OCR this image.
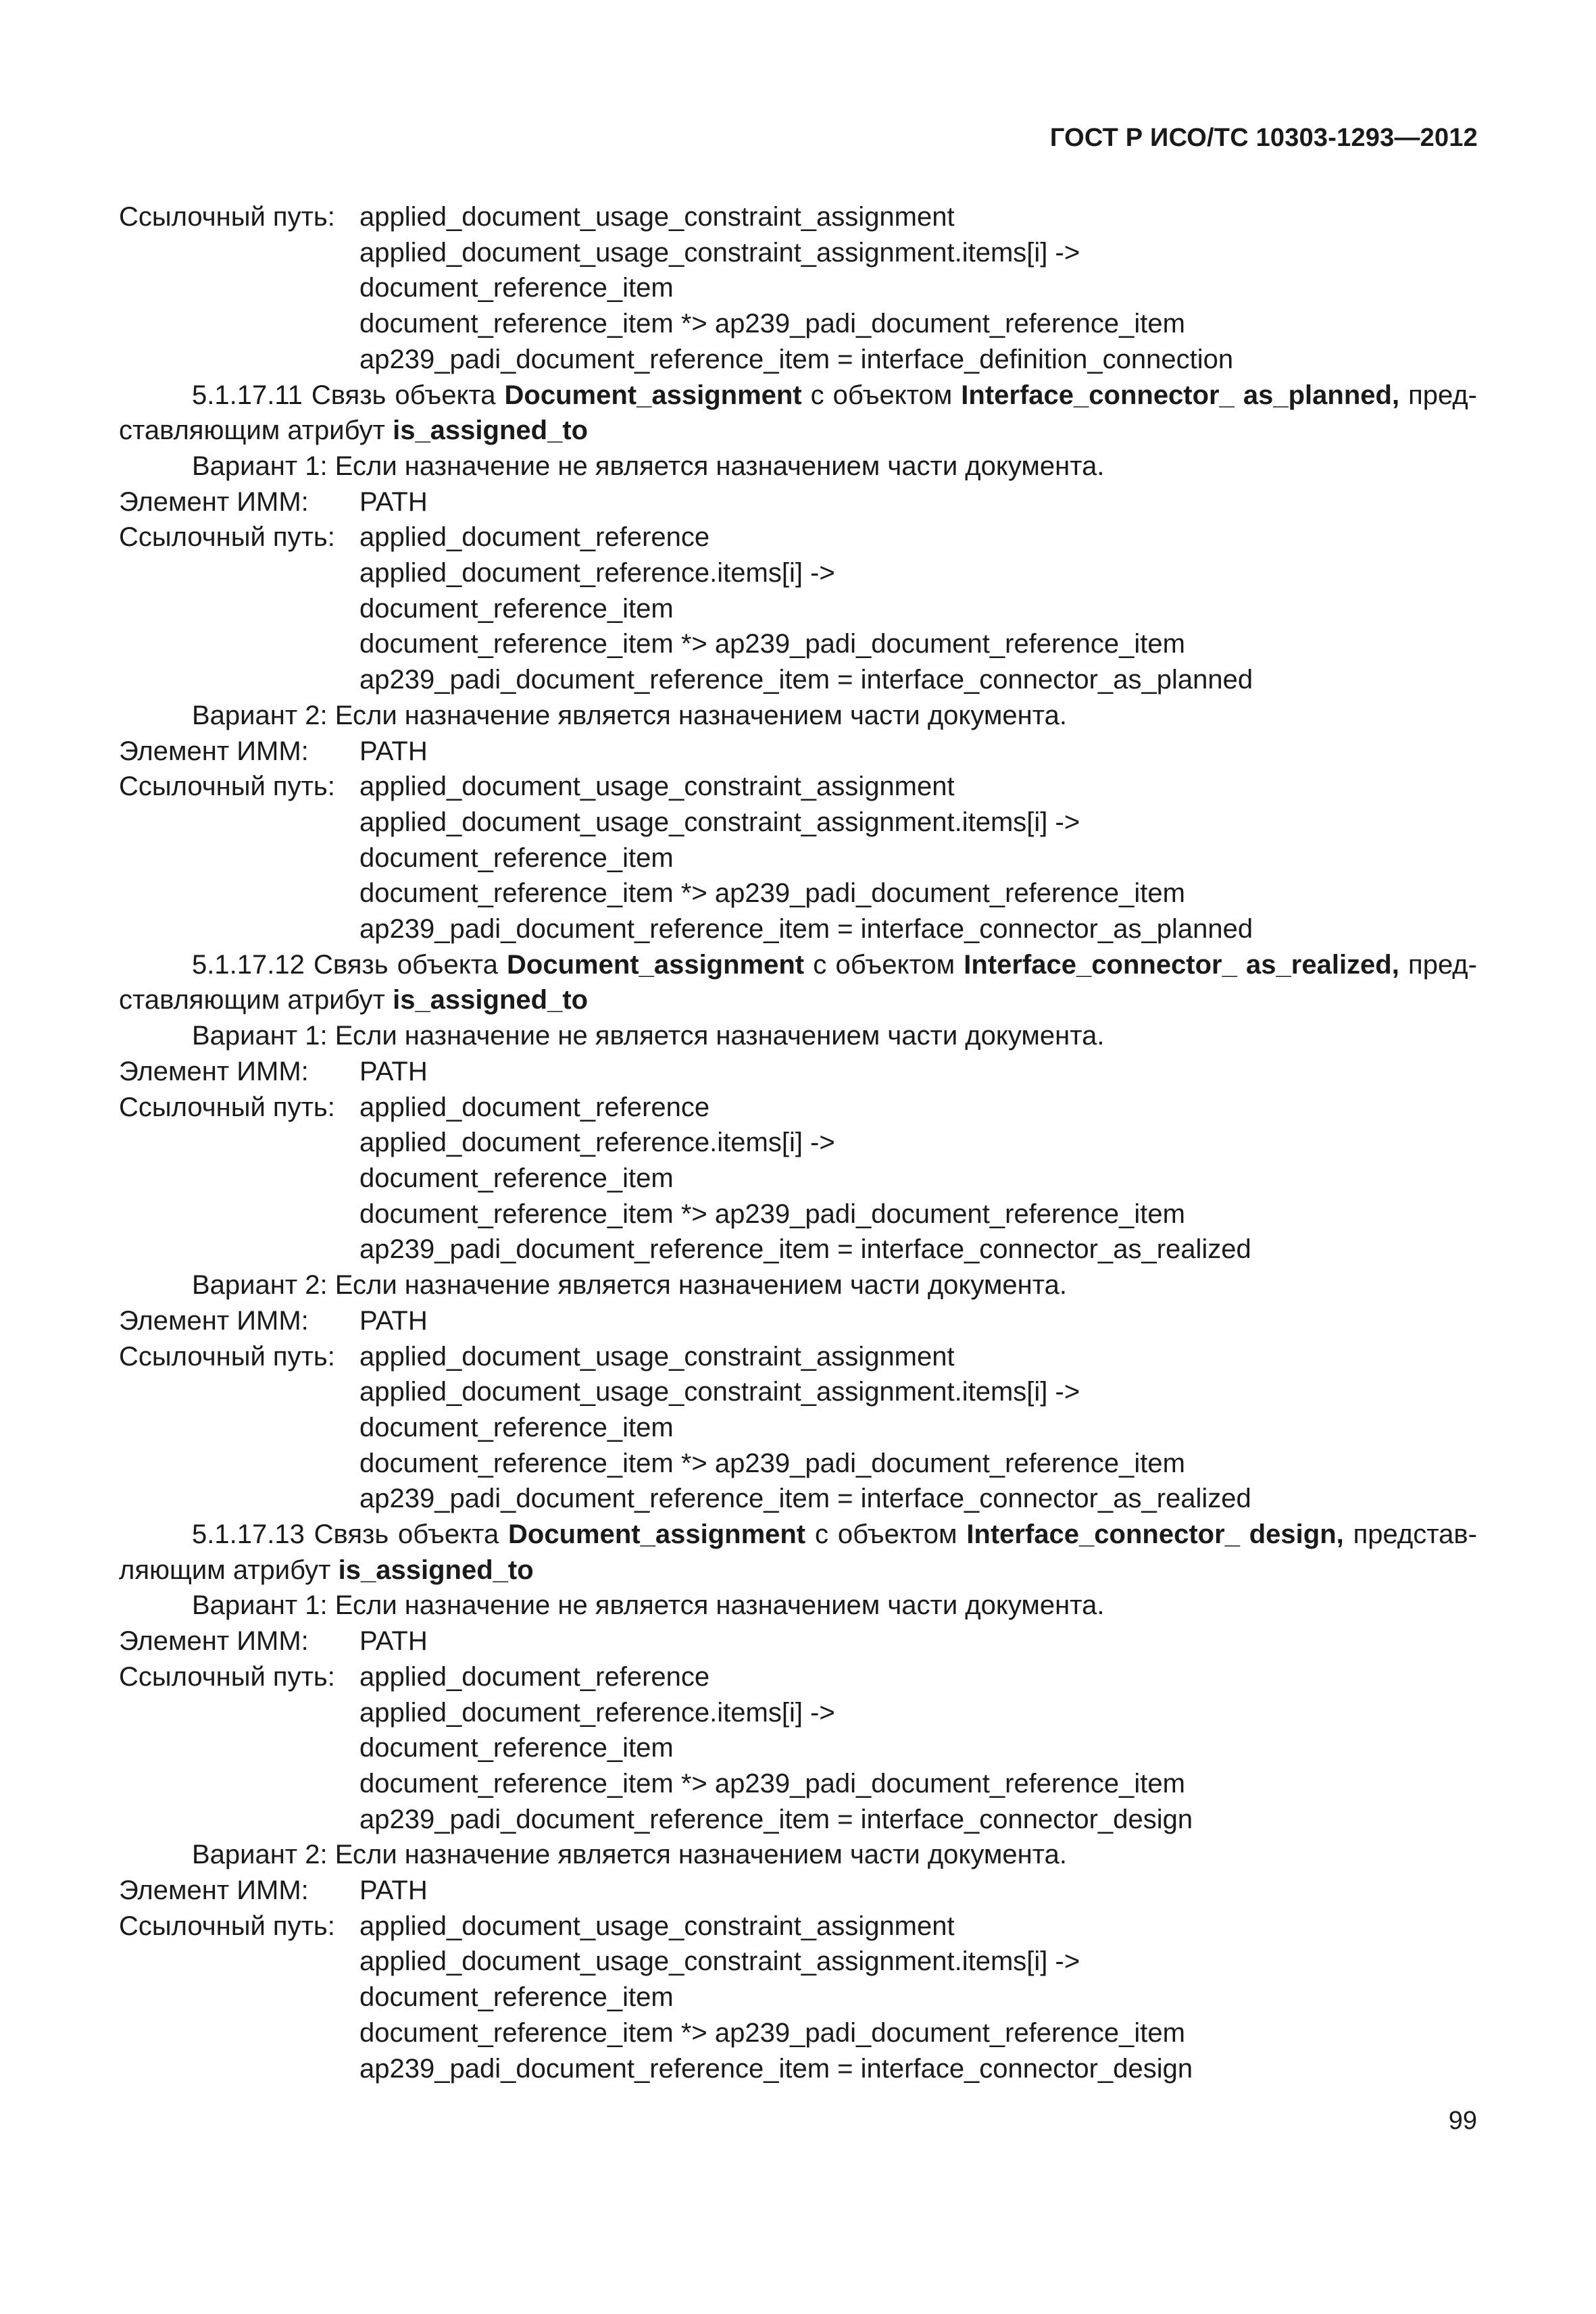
ГОСТ Р ИСО/ТС 10303-1293—2012
Ссылочный путь: applied_document_usage_constraint_assignment
applied_document_usage_constraint_assignment.items[i] ->
document_reference_item
document_reference_item *> ap239_padi_document_reference_item
ap239_padi_document_reference_item = interface_definition_connection
5.1.17.11 Связь объекта Document_assignment с объектом Interface_connector_ as_planned, пред-
ставляющим атрибут is_assigned_to
Вариант 1: Если назначение не является назначением части документа.
Элемент ИММ:	PATH
Ссылочный путь: applied_document_reference
applied_document_reference.items[i] ->
document_reference_item
document_reference_item *> ap239_padi_document_reference_item
ap239_padi_document_reference_item = interface_connector_as_planned
Вариант 2: Если назначение является назначением части документа.
Элемент ИММ:	PATH
Ссылочный путь: applied_document_usage_constraint_assignment
applied_document_usage_constraint_assignment.items[i] ->
document_reference_item
document_reference_item *> ap239_padi_document_reference_item
ap239_padi_document_reference_item = interface_connector_as_planned
5.1.17.12 Связь объекта Document_assignment с объектом Interface_connector_ as_realized, пред-
ставляющим атрибут is_assigned_to
Вариант 1: Если назначение не является назначением части документа.
Элемент ИММ:	PATH
Ссылочный путь: applied_document_reference
applied_document_reference.items[i] ->
document_reference_item
document_reference_item *> ap239_padi_document_reference_item
ap239_padi_document_reference_item = interface_connector_as_realized
Вариант 2: Если назначение является назначением части документа.
Элемент ИММ:	PATH
Ссылочный путь: applied_document_usage_constraint_assignment
applied_document_usage_constraint_assignment.items[i] ->
document_reference_item
document_reference_item *> ap239_padi_document_reference_item
ap239_padi_document_reference_item = interface_connector_as_realized
5.1.17.13 Связь объекта Document_assignment с объектом Interface_connector_ design, представ-
ляющим атрибут is_assigned_to
Вариант 1: Если назначение не является назначением части документа.
Элемент ИММ:	PATH
Ссылочный путь: applied_document_reference
applied_document_reference.items[i] ->
document_reference_item
document_reference_item *> ap239_padi_document_reference_item
ap239_padi_document_reference_item = interface_connector_design
Вариант 2: Если назначение является назначением части документа.
Элемент ИММ:	PATH
Ссылочный путь: applied_document_usage_constraint_assignment
applied_document_usage_constraint_assignment.items[i] ->
document_reference_item
document_reference_item *> ap239_padi_document_reference_item
ap239_padi_document_reference_item = interface_connector_design
99
